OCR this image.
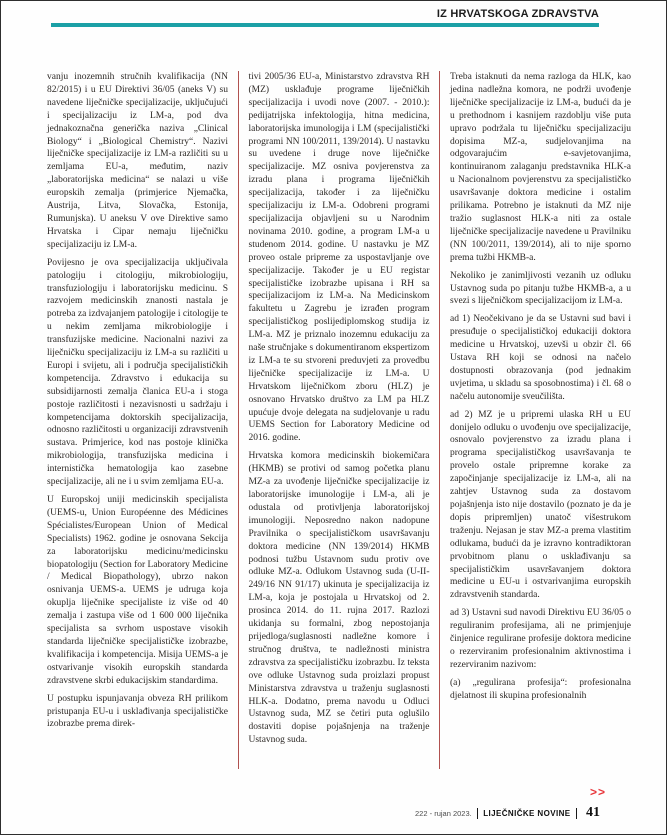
IZ HRVATSKOGA ZDRAVSTVA

vanju inozemnih stručnih kvalifikacija (NN 82/2015) i u EU Direktivi 36/05 (aneks V) su navedene liječničke specijalizacije, uključujući i specijalizaciju iz LM-a, pod dva jednakoznačna generička naziva „Clinical Biology“ i „Biological Chemistry“. Nazivi liječničke specijalizacije iz LM-a različiti su u zemljama EU-a, međutim, naziv „laboratorijska medicina“ se nalazi u više europskih zemalja (primjerice Njemačka, Austrija, Litva, Slovačka, Estonija, Rumunjska). U aneksu V ove Direktive samo Hrvatska i Cipar nemaju liječničku specijalizaciju iz LM-a.

Povijesno je ova specijalizacija uključivala patologiju i citologiju, mikrobiologiju, transfuziologiju i laboratorijsku medicinu. S razvojem medicinskih znanosti nastala je potreba za izdvajanjem patologije i citologije te u nekim zemljama mikrobiologije i transfuzijske medicine. Nacionalni nazivi za liječničku specijalizaciju iz LM-a su različiti u Europi i svijetu, ali i područja specijalističkih kompetencija. Zdravstvo i edukacija su subsidijarnosti zemalja članica EU-a i stoga postoje različitosti i nezavisnosti u sadržaju i kompetencijama doktorskih specijalizacija, odnosno različitosti u organizaciji zdravstvenih sustava. Primjerice, kod nas postoje klinička mikrobiologija, transfuzijska medicina i internistička hematologija kao zasebne specijalizacije, ali ne i u svim zemljama EU-a.

U Europskoj uniji medicinskih specijalista (UEMS-u, Union Européenne des Médicines Spécialistes/European Union of Medical Specialists) 1962. godine je osnovana Sekcija za laboratorijsku medicinu/medicinsku biopatologiju (Section for Laboratory Medicine / Medical Biopathology), ubrzo nakon osnivanja UEMS-a. UEMS je udruga koja okuplja liječnike specijaliste iz više od 40 zemalja i zastupa više od 1 600 000 liječnika specijalista sa svrhom uspostave visokih standarda liječničke specijalističke izobrazbe, kvalifikacija i kompetencija. Misija UEMS-a je ostvarivanje visokih europskih standarda zdravstvene skrbi edukacijskim standardima.

U postupku ispunjavanja obveza RH prilikom pristupanja EU-u i usklađivanja specijalističke izobrazbe prema direk-

tivi 2005/36 EU-a, Ministarstvo zdravstva RH (MZ) usklađuje programe liječničkih specijalizacija i uvodi nove (2007. - 2010.): pedijatrijska infektologija, hitna medicina, laboratorijska imunologija i LM (specijalistički programi NN 100/2011, 139/2014). U nastavku su uvedene i druge nove liječničke specijalizacije. MZ osniva povjerenstva za izradu plana i programa liječničkih specijalizacija, također i za liječničku specijalizaciju iz LM-a. Odobreni programi specijalizacija objavljeni su u Narodnim novinama 2010. godine, a program LM-a u studenom 2014. godine. U nastavku je MZ proveo ostale pripreme za uspostavljanje ove specijalizacije. Također je u EU registar specijalističke izobrazbe upisana i RH sa specijalizacijom iz LM-a. Na Medicinskom fakultetu u Zagrebu je izrađen program specijalističkog poslijediplomskog studija iz LM-a. MZ je priznalo inozemnu edukaciju za naše stručnjake s dokumentiranom ekspertizom iz LM-a te su stvoreni preduvjeti za provedbu liječničke specijalizacije iz LM-a. U Hrvatskom liječničkom zboru (HLZ) je osnovano Hrvatsko društvo za LM pa HLZ upućuje dvoje delegata na sudjelovanje u radu UEMS Section for Laboratory Medicine od 2016. godine.

Hrvatska komora medicinskih biokemičara (HKMB) se protivi od samog početka planu MZ-a za uvođenje liječničke specijalizacije iz laboratorijske imunologije i LM-a, ali je odustala od protivljenja laboratorijskoj imunologiji. Neposredno nakon nadopune Pravilnika o specijalističkom usavršavanju doktora medicine (NN 139/2014) HKMB podnosi tužbu Ustavnom sudu protiv ove odluke MZ-a. Odlukom Ustavnog suda (U-II-249/16 NN 91/17) ukinuta je specijalizacija iz LM-a, koja je postojala u Hrvatskoj od 2. prosinca 2014. do 11. rujna 2017. Razlozi ukidanja su formalni, zbog nepostojanja prijedloga/suglasnosti nadležne komore i stručnog društva, te nadležnosti ministra zdravstva za specijalističku izobrazbu. Iz teksta ove odluke Ustavnog suda proizlazi propust Ministarstva zdravstva u traženju suglasnosti HLK-a. Dodatno, prema navodu u Odluci Ustavnog suda, MZ se četiri puta oglušilo dostaviti dopise pojašnjenja na traženje Ustavnog suda.

Treba istaknuti da nema razloga da HLK, kao jedina nadležna komora, ne podrži uvođenje liječničke specijalizacije iz LM-a, budući da je u prethodnom i kasnijem razdoblju više puta upravo podržala tu liječničku specijalizaciju dopisima MZ-a, sudjelovanjima na odgovarajućim e-savjetovanjima, kontinuiranom zalaganju predstavnika HLK-a u Nacionalnom povjerenstvu za specijalističko usavršavanje doktora medicine i ostalim prilikama. Potrebno je istaknuti da MZ nije tražio suglasnost HLK-a niti za ostale liječničke specijalizacije navedene u Pravilniku (NN 100/2011, 139/2014), ali to nije sporno prema tužbi HKMB-a.

Nekoliko je zanimljivosti vezanih uz odluku Ustavnog suda po pitanju tužbe HKMB-a, a u svezi s liječničkom specijalizacijom iz LM-a.

ad 1) Neočekivano je da se Ustavni sud bavi i presuđuje o specijalističkoj edukaciji doktora medicine u Hrvatskoj, uzevši u obzir čl. 66 Ustava RH koji se odnosi na načelo dostupnosti obrazovanja (pod jednakim uvjetima, u skladu sa sposobnostima) i čl. 68 o načelu autonomije sveučilišta.

ad 2) MZ je u pripremi ulaska RH u EU donijelo odluku o uvođenju ove specijalizacije, osnovalo povjerenstvo za izradu plana i programa specijalističkog usavršavanja te provelo ostale pripremne korake za započinjanje specijalizacije iz LM-a, ali na zahtjev Ustavnog suda za dostavom pojašnjenja isto nije dostavilo (poznato je da je dopis pripremljen) unatoč višestrukom traženju. Nejasan je stav MZ-a prema vlastitim odlukama, budući da je izravno kontradiktoran prvobitnom planu o usklađivanju sa specijalističkim usavršavanjem doktora medicine u EU-u i ostvarivanjima europskih zdravstvenih standarda.

ad 3) Ustavni sud navodi Direktivu EU 36/05 o reguliranim profesijama, ali ne primjenjuje činjenice regulirane profesije doktora medicine o rezerviranim profesionalnim aktivnostima i rezerviranim nazivom:

(a) „regulirana profesija“: profesionalna djelatnost ili skupina profesionalnih

>>
222 - rujan 2023. LIJEČNIČKE NOVINE 41
